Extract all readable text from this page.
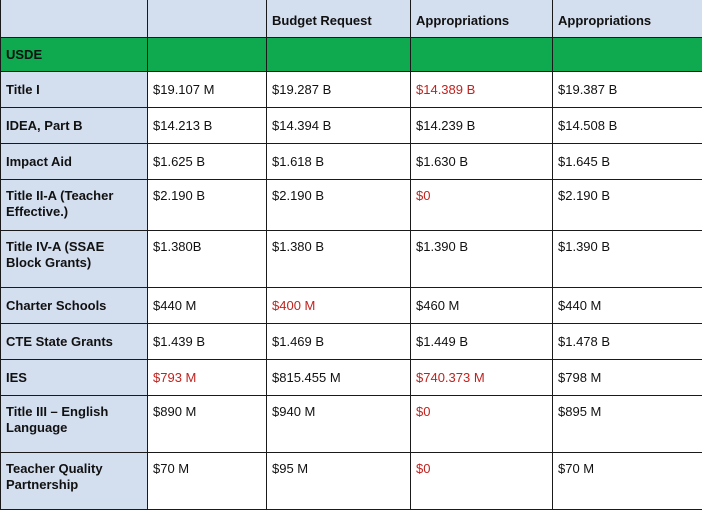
		Budget Request	Appropriations	Appropriations
USDE				
Title I	$19.107 M	$19.287 B	$14.389 B	$19.387 B
IDEA, Part B	$14.213 B	$14.394 B	$14.239 B	$14.508 B
Impact Aid	$1.625 B	$1.618 B	$1.630 B	$1.645 B
Title II-A (Teacher Effective.)	$2.190 B	$2.190 B	$0	$2.190 B
Title IV-A (SSAE Block Grants)	$1.380B	$1.380 B	$1.390 B	$1.390 B
Charter Schools	$440 M	$400 M	$460 M	$440 M
CTE State Grants	$1.439 B	$1.469 B	$1.449 B	$1.478 B
IES	$793 M	$815.455 M	$740.373 M	$798 M
Title III – English Language	$890 M	$940 M	$0	$895 M
Teacher Quality Partnership	$70 M	$95 M	$0	$70 M
